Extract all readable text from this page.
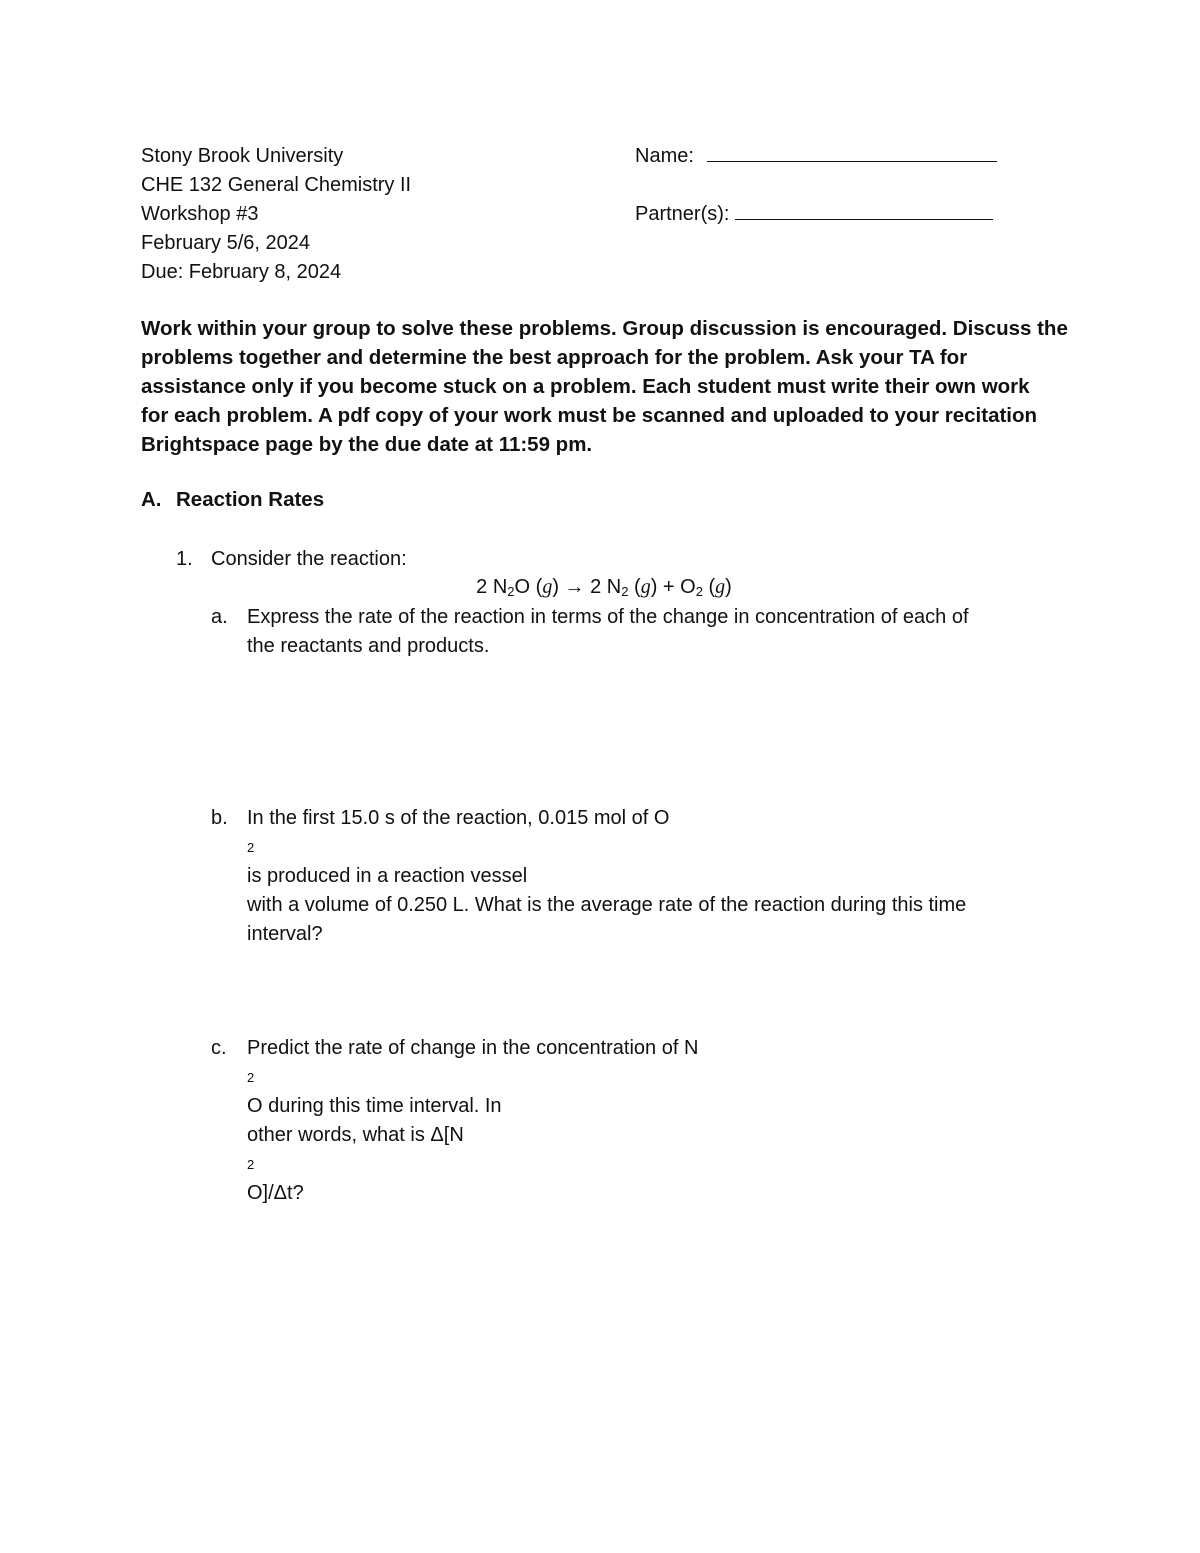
Stony Brook University
CHE 132 General Chemistry II
Workshop #3
February 5/6, 2024
Due: February 8, 2024
Name:
Partner(s):
Work within your group to solve these problems. Group discussion is encouraged. Discuss the
problems together and determine the best approach for the problem. Ask your TA for
assistance only if you become stuck on a problem. Each student must write their own work
for each problem. A pdf copy of your work must be scanned and uploaded to your recitation
Brightspace page by the due date at 11:59 pm.
A. Reaction Rates
1. Consider the reaction:
2 $N_2O$ (g) → 2 $N_2$ $(g) + O_2$ (g)
a. Express the rate of the reaction in terms of the change in concentration of each of
the reactants and products.
b. In the first 15.0 s of the reaction, 0.015 mol of O
2
is produced in a reaction vessel
with a volume of 0.250 L. What is the average rate of the reaction during this time
interval?
c.	Predict the rate of change in the concentration of N
2
O during this time interval. In
other words, what is Δ[N
2
O]/Δt?
